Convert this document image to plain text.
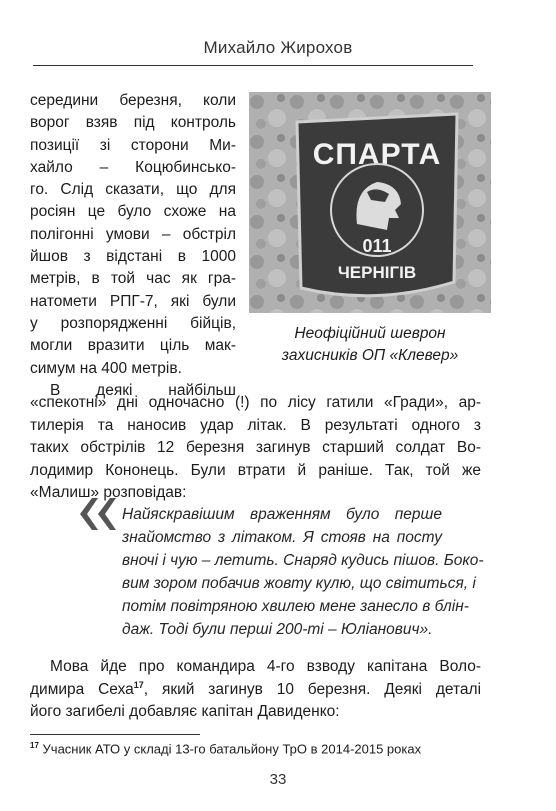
Михайло Жирохов
середини березня, коли
ворог взяв під контроль
позиції зі сторони Ми-
хайло – Коцюбинсько-
го. Слід сказати, що для
росіян це було схоже на
полігонні умови – обстріл
йшов з відстані в 1000
метрів, в той час як гра-
натомети РПГ-7, які були
у розпорядженні бійців,
могли вразити ціль мак-
симум на 400 метрів.
В деякі найбільш
СПАРТА
011
ЧЕРНІГІВ
Неофіційний шеврон
захисників ОП «Клевер»
«спекотні» дні одночасно (!) по лісу гатили «Гради», ар-
тилерія та наносив удар літак. В результаті одного з
таких обстрілів 12 березня загинув старший солдат Во-
лодимир Кононець. Були втрати й раніше. Так, той же
«Малиш» розповідав:
Найяскравішим враженням було перше
знайомство з літаком. Я стояв на посту
вночі і чую – летить. Снаряд кудись пішов. Боко-
вим зором побачив жовту кулю, що світиться, і
потім повітряною хвилею мене занесло в блін-
даж. Тоді були перші 200-ті – Юліанович».
Мова йде про командира 4-го взводу капітана Воло-
димира Сеха$^{17}$, який загинув 10 березня. Деякі деталі
його загибелі добавляє капітан Давиденко:
$^{17}$ Учасник АТО у складі 13-го батальйону ТрО в 2014-2015 роках
33
